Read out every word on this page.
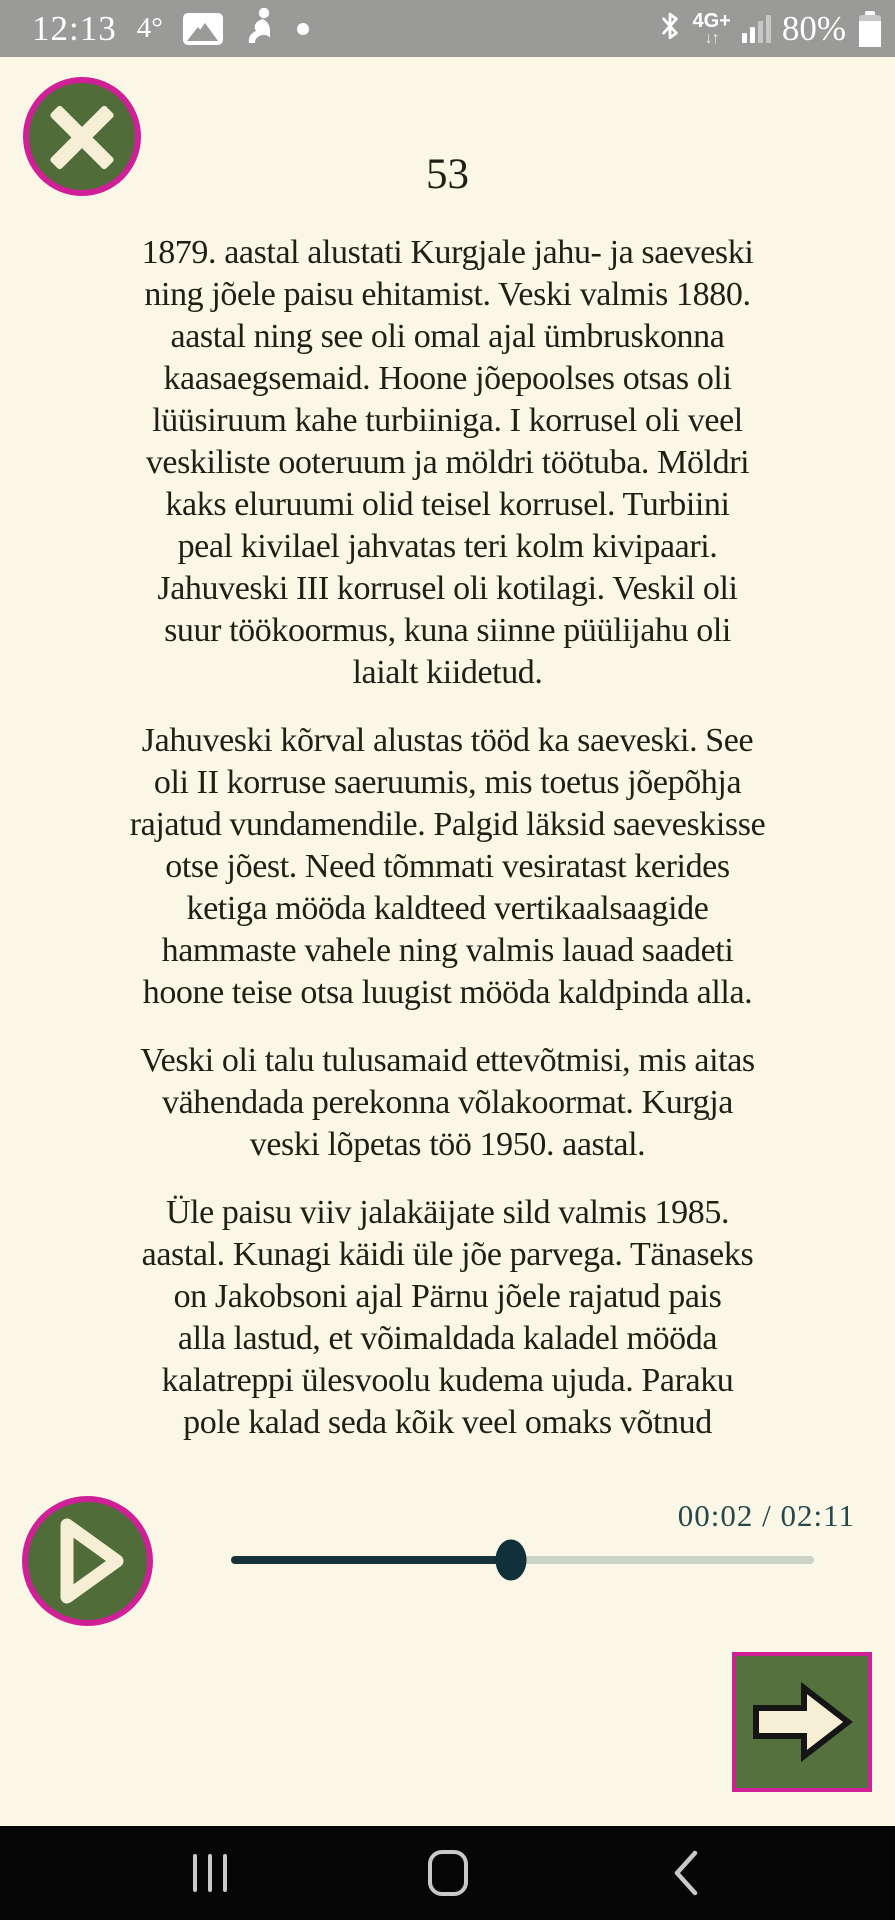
12:13 4°	4G+
↓↑ 80%
53

1879. aastal alustati Kurgjale jahu- ja saeveski
ning jõele paisu ehitamist. Veski valmis 1880.
aastal ning see oli omal ajal ümbruskonna
kaasaegsemaid. Hoone jõepoolses otsas oli
lüüsiruum kahe turbiiniga. I korrusel oli veel
veskiliste ooteruum ja möldri töötuba. Möldri
kaks eluruumi olid teisel korrusel. Turbiini
peal kivilael jahvatas teri kolm kivipaari.
Jahuveski III korrusel oli kotilagi. Veskil oli
suur töökoormus, kuna siinne püülijahu oli
laialt kiidetud.

Jahuveski kõrval alustas tööd ka saeveski. See
oli II korruse saeruumis, mis toetus jõepõhja
rajatud vundamendile. Palgid läksid saeveskisse
otse jõest. Need tõmmati vesiratast kerides
ketiga mööda kaldteed vertikaalsaagide
hammaste vahele ning valmis lauad saadeti
hoone teise otsa luugist mööda kaldpinda alla.

Veski oli talu tulusamaid ettevõtmisi, mis aitas
vähendada perekonna võlakoormat. Kurgja
veski lõpetas töö 1950. aastal.

Üle paisu viiv jalakäijate sild valmis 1985.
aastal. Kunagi käidi üle jõe parvega. Tänaseks
on Jakobsoni ajal Pärnu jõele rajatud pais
alla lastud, et võimaldada kaladel mööda
kalatreppi ülesvoolu kudema ujuda. Paraku
pole kalad seda kõik veel omaks võtnud

00:02 / 02:11
